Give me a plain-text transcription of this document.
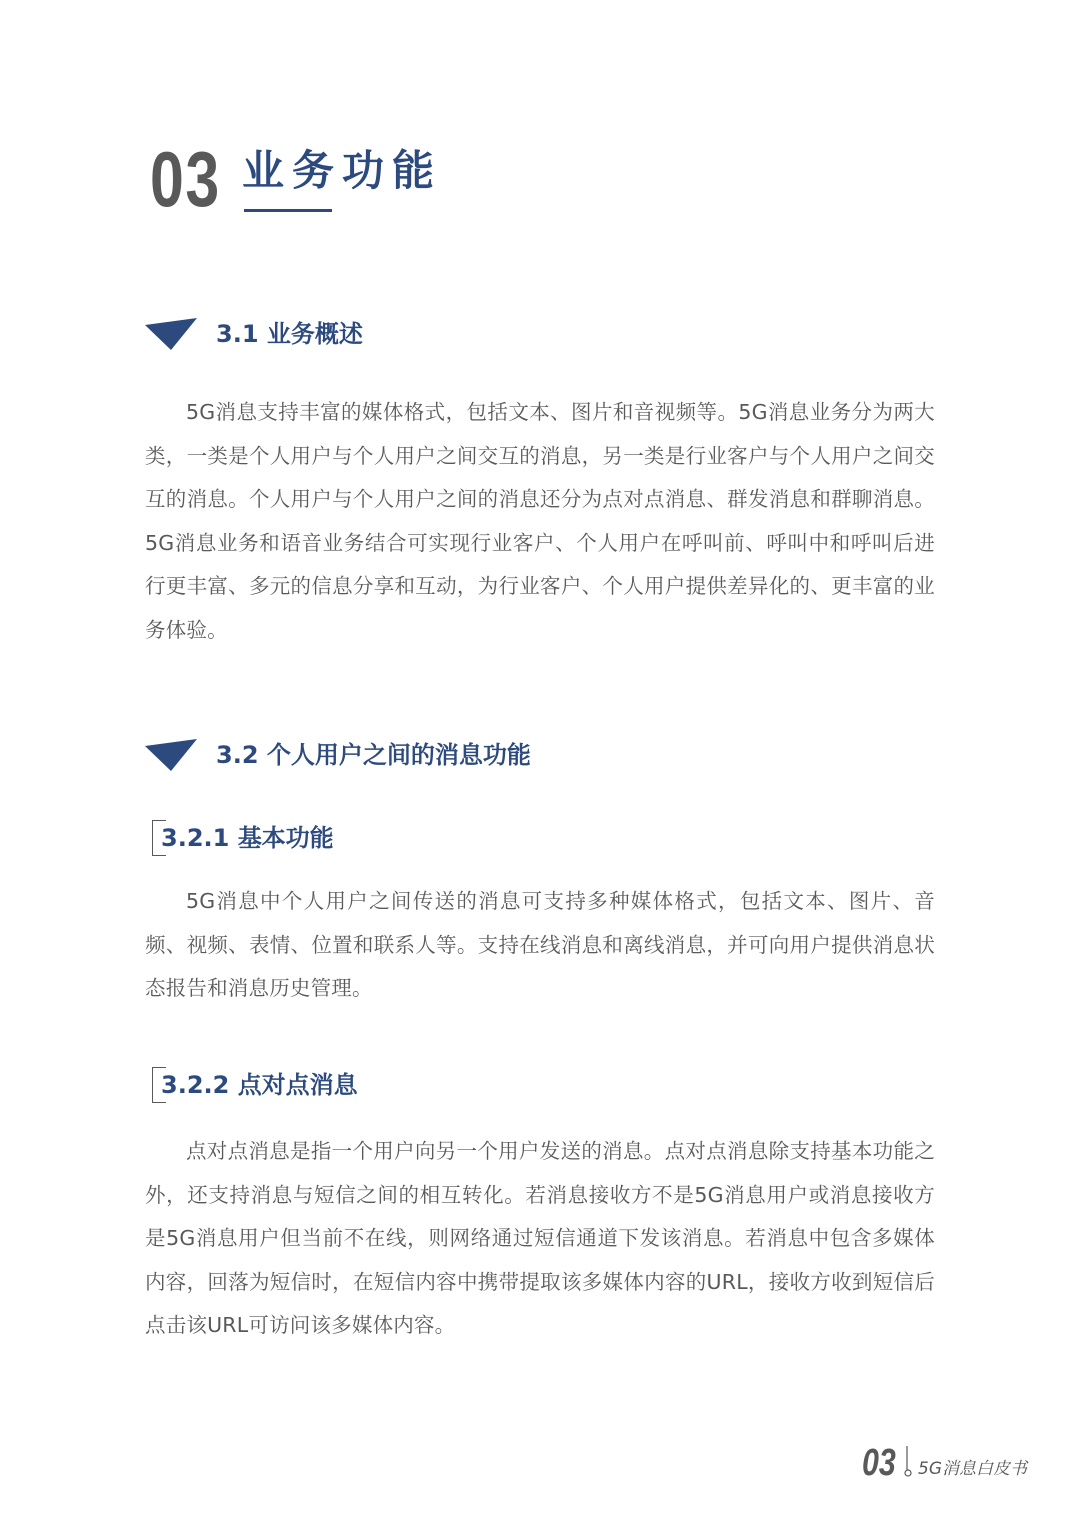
03 业务功能
3.1 业务概述

5G消息支持丰富的媒体格式，包括文本、图片和音视频等。5G消息业务分为两大类，一类是个人用户与个人用户之间交互的消息，另一类是行业客户与个人用户之间交互的消息。个人用户与个人用户之间的消息还分为点对点消息、群发消息和群聊消息。5G消息业务和语音业务结合可实现行业客户、个人用户在呼叫前、呼叫中和呼叫后进行更丰富、多元的信息分享和互动，为行业客户、个人用户提供差异化的、更丰富的业务体验。

3.2 个人用户之间的消息功能
3.2.1 基本功能

5G消息中个人用户之间传送的消息可支持多种媒体格式，包括文本、图片、音频、视频、表情、位置和联系人等。支持在线消息和离线消息，并可向用户提供消息状态报告和消息历史管理。

3.2.2 点对点消息

点对点消息是指一个用户向另一个用户发送的消息。点对点消息除支持基本功能之外，还支持消息与短信之间的相互转化。若消息接收方不是5G消息用户或消息接收方是5G消息用户但当前不在线，则网络通过短信通道下发该消息。若消息中包含多媒体内容，回落为短信时，在短信内容中携带提取该多媒体内容的URL，接收方收到短信后点击该URL可访问该多媒体内容。

03 5G消息白皮书
